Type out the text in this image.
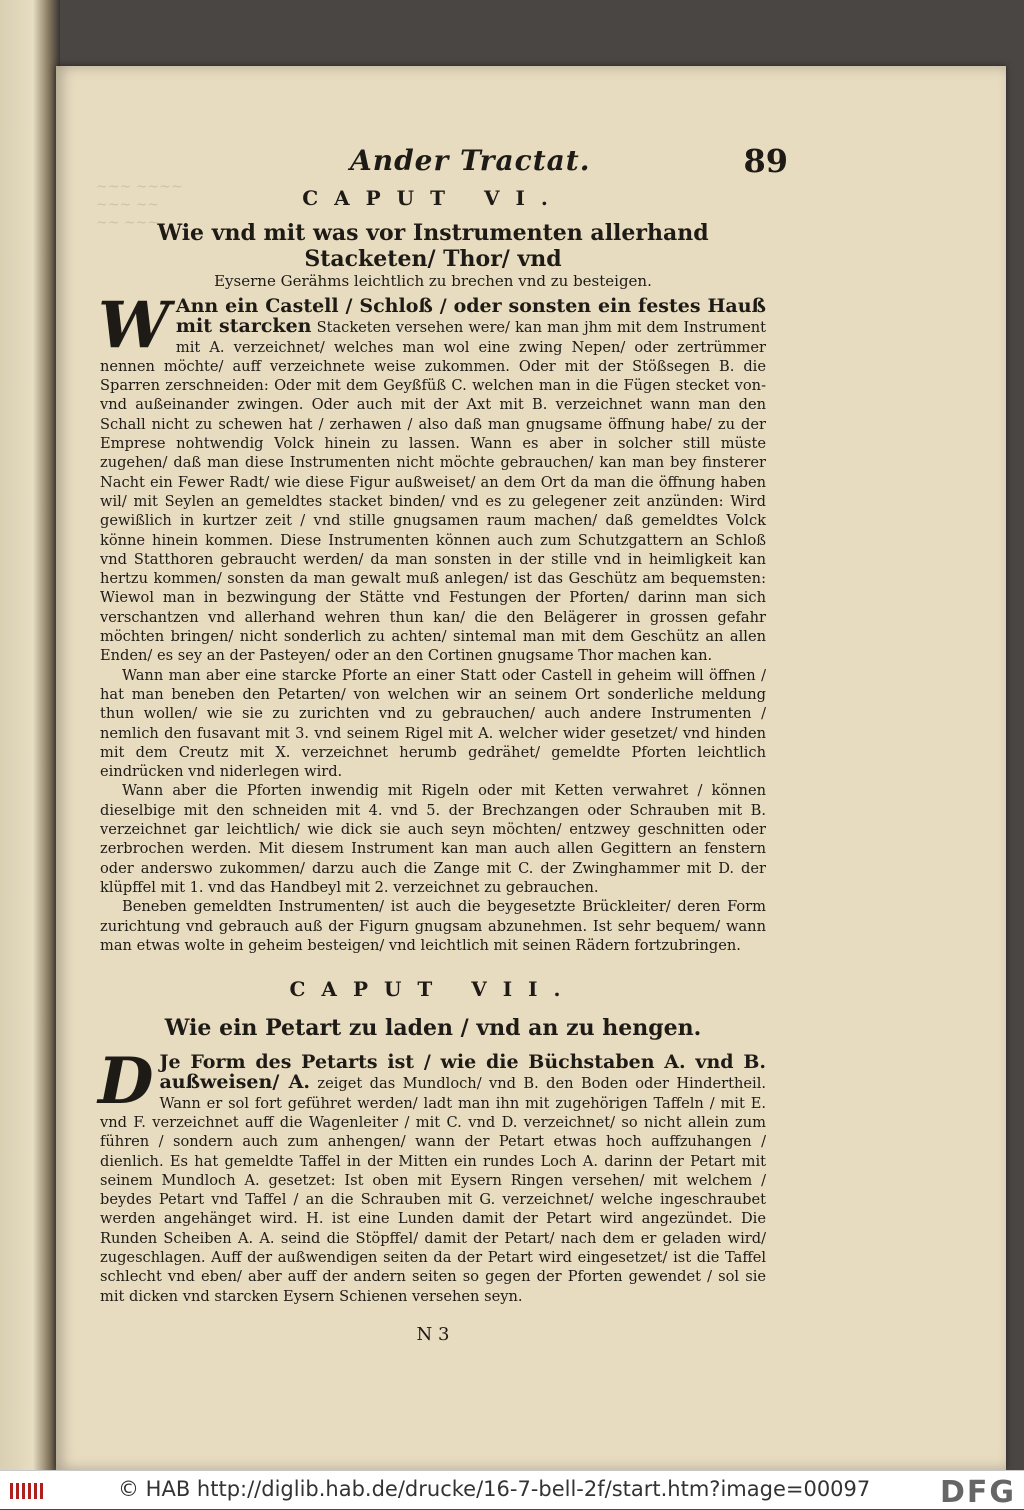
~~~ ~~~~
~~~ ~~
~~ ~~~
Ander Tractat.	89
CAPUT VI.
Wie vnd mit was vor Instrumenten allerhand Stacketen/ Thor/ vnd
Eyserne Gerähms leichtlich zu brechen vnd zu besteigen.

W Ann ein Castell / Schloß / oder sonsten ein festes Hauß mit starcken Stacketen versehen were/ kan man jhm mit dem Instrument mit A. verzeichnet/ welches man wol eine zwing Nepen/ oder zertrümmer nennen möchte/ auff verzeichnete weise zukommen. Oder mit der Stößsegen B. die Sparren zerschneiden: Oder mit dem Geyßfüß C. welchen man in die Fügen stecket von- vnd außeinander zwingen. Oder auch mit der Axt mit B. verzeichnet wann man den Schall nicht zu schewen hat / zerhawen / also daß man gnugsame öffnung habe/ zu der Emprese nohtwendig Volck hinein zu lassen. Wann es aber in solcher still müste zugehen/ daß man diese Instrumenten nicht möchte gebrauchen/ kan man bey finsterer Nacht ein Fewer Radt/ wie diese Figur außweiset/ an dem Ort da man die öffnung haben wil/ mit Seylen an gemeldtes stacket binden/ vnd es zu gelegener zeit anzünden: Wird gewißlich in kurtzer zeit / vnd stille gnugsamen raum machen/ daß gemeldtes Volck könne hinein kommen. Diese Instrumenten können auch zum Schutzgattern an Schloß vnd Statthoren gebraucht werden/ da man sonsten in der stille vnd in heimligkeit kan hertzu kommen/ sonsten da man gewalt muß anlegen/ ist das Geschütz am bequemsten: Wiewol man in bezwingung der Stätte vnd Festungen der Pforten/ darinn man sich verschantzen vnd allerhand wehren thun kan/ die den Belägerer in grossen gefahr möchten bringen/ nicht sonderlich zu achten/ sintemal man mit dem Geschütz an allen Enden/ es sey an der Pasteyen/ oder an den Cortinen gnugsame Thor machen kan.

Wann man aber eine starcke Pforte an einer Statt oder Castell in geheim will öffnen / hat man beneben den Petarten/ von welchen wir an seinem Ort sonderliche meldung thun wollen/ wie sie zu zurichten vnd zu gebrauchen/ auch andere Instrumenten / nemlich den fusavant mit 3. vnd seinem Rigel mit A. welcher wider gesetzet/ vnd hinden mit dem Creutz mit X. verzeichnet herumb gedrähet/ gemeldte Pforten leichtlich eindrücken vnd niderlegen wird.

Wann aber die Pforten inwendig mit Rigeln oder mit Ketten verwahret / können dieselbige mit den schneiden mit 4. vnd 5. der Brechzangen oder Schrauben mit B. verzeichnet gar leichtlich/ wie dick sie auch seyn möchten/ entzwey geschnitten oder zerbrochen werden. Mit diesem Instrument kan man auch allen Gegittern an fenstern oder anderswo zukommen/ darzu auch die Zange mit C. der Zwinghammer mit D. der klüpffel mit 1. vnd das Handbeyl mit 2. verzeichnet zu gebrauchen.

Beneben gemeldten Instrumenten/ ist auch die beygesetzte Brückleiter/ deren Form zurichtung vnd gebrauch auß der Figurn gnugsam abzunehmen. Ist sehr bequem/ wann man etwas wolte in geheim besteigen/ vnd leichtlich mit seinen Rädern fortzubringen.

CAPUT VII.
Wie ein Petart zu laden / vnd an zu hengen.

D Je Form des Petarts ist / wie die Büchstaben A. vnd B. außweisen/ A. zeiget das Mundloch/ vnd B. den Boden oder Hindertheil. Wann er sol fort geführet werden/ ladt man ihn mit zugehörigen Taffeln / mit E. vnd F. verzeichnet auff die Wagenleiter / mit C. vnd D. verzeichnet/ so nicht allein zum führen / sondern auch zum anhengen/ wann der Petart etwas hoch auffzuhangen / dienlich. Es hat gemeldte Taffel in der Mitten ein rundes Loch A. darinn der Petart mit seinem Mundloch A. gesetzet: Ist oben mit Eysern Ringen versehen/ mit welchem / beydes Petart vnd Taffel / an die Schrauben mit G. verzeichnet/ welche ingeschraubet werden angehänget wird. H. ist eine Lunden damit der Petart wird angezündet. Die Runden Scheiben A. A. seind die Stöpffel/ damit der Petart/ nach dem er geladen wird/ zugeschlagen. Auff der außwendigen seiten da der Petart wird eingesetzet/ ist die Taffel schlecht vnd eben/ aber auff der andern seiten so gegen der Pforten gewendet / sol sie mit dicken vnd starcken Eysern Schienen versehen seyn.

N 3
© HAB http://diglib.hab.de/drucke/16-7-bell-2f/start.htm?image=00097 DFG
